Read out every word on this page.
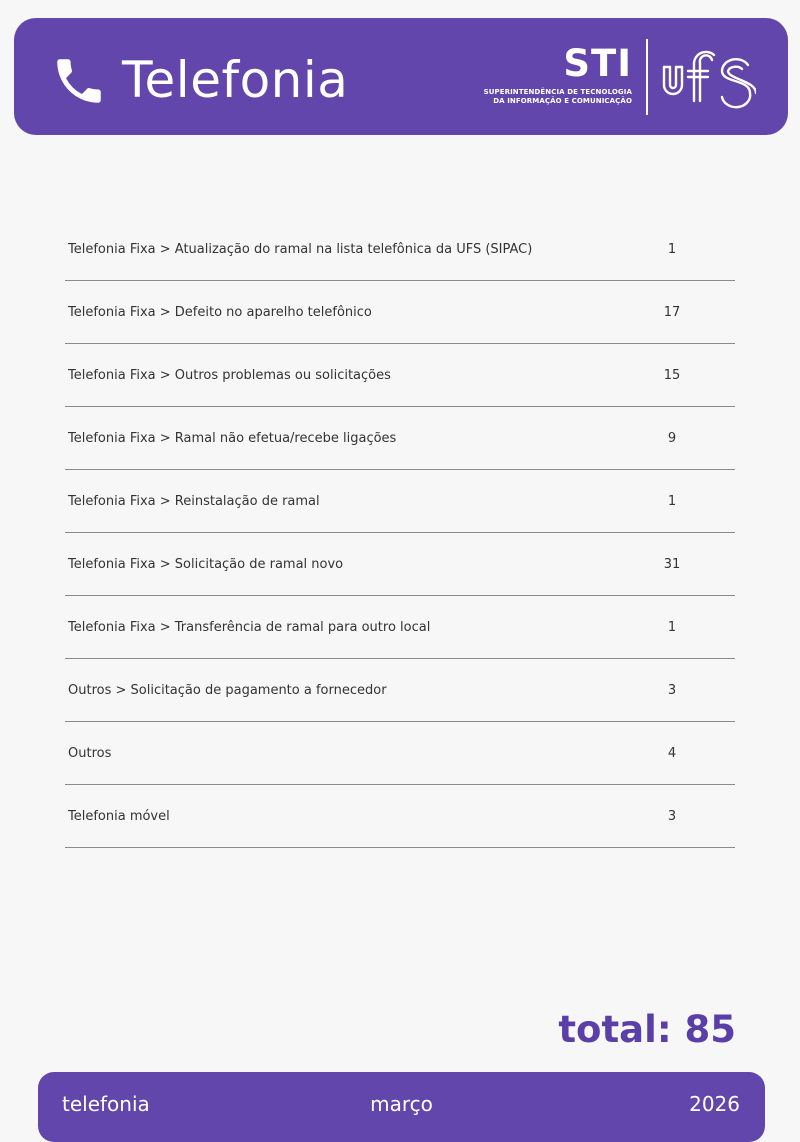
Telefonia	STI
SUPERINTENDÊNCIA DE TECNOLOGIA
DA INFORMAÇÃO E COMUNICAÇÃO
Telefonia Fixa > Atualização do ramal na lista telefônica da UFS (SIPAC)	1
Telefonia Fixa > Defeito no aparelho telefônico	17
Telefonia Fixa > Outros problemas ou solicitações	15
Telefonia Fixa > Ramal não efetua/recebe ligações	9
Telefonia Fixa > Reinstalação de ramal	1
Telefonia Fixa > Solicitação de ramal novo	31
Telefonia Fixa > Transferência de ramal para outro local	1
Outros > Solicitação de pagamento a fornecedor	3
Outros	4
Telefonia móvel	3
total: 85
telefonia	março	2026
